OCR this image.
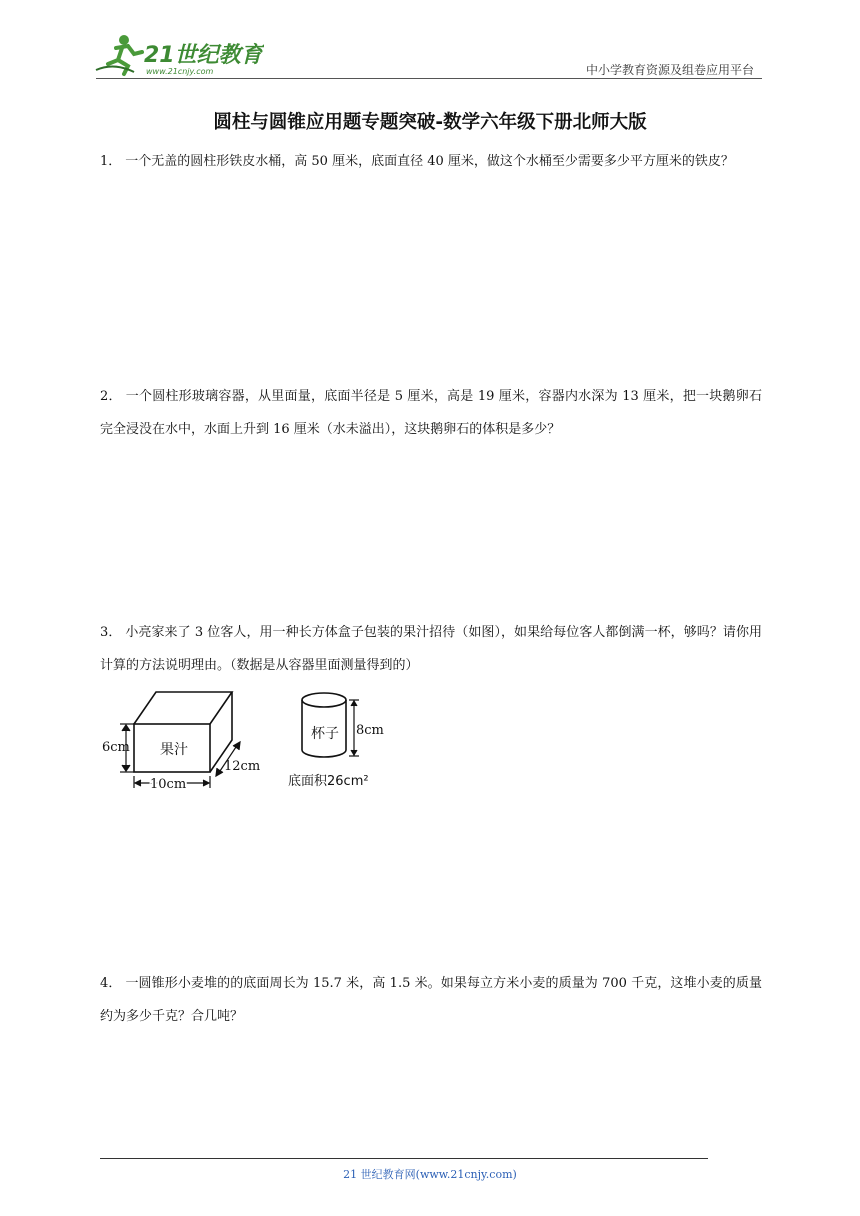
21世纪教育
www.21cnjy.com	中小学教育资源及组卷应用平台
圆柱与圆锥应用题专题突破-数学六年级下册北师大版
1． 一个无盖的圆柱形铁皮水桶，高 50 厘米，底面直径 40 厘米，做这个水桶至少需要多少平方厘米的铁皮？
2． 一个圆柱形玻璃容器，从里面量，底面半径是 5 厘米，高是 19 厘米，容器内水深为 13 厘米，把一块鹅卵石完全浸没在水中，水面上升到 16 厘米（水未溢出），这块鹅卵石的体积是多少？
3． 小亮家来了 3 位客人，用一种长方体盒子包装的果汁招待（如图），如果给每位客人都倒满一杯，够吗？请你用计算的方法说明理由。（数据是从容器里面测量得到的）
果汁
6cm
10cm
12cm
杯子 8cm
底面积26cm²
4． 一圆锥形小麦堆的的底面周长为 15.7 米，高 1.5 米。如果每立方米小麦的质量为 700 千克，这堆小麦的质量约为多少千克？合几吨？
21 世纪教育网(www.21cnjy.com)
